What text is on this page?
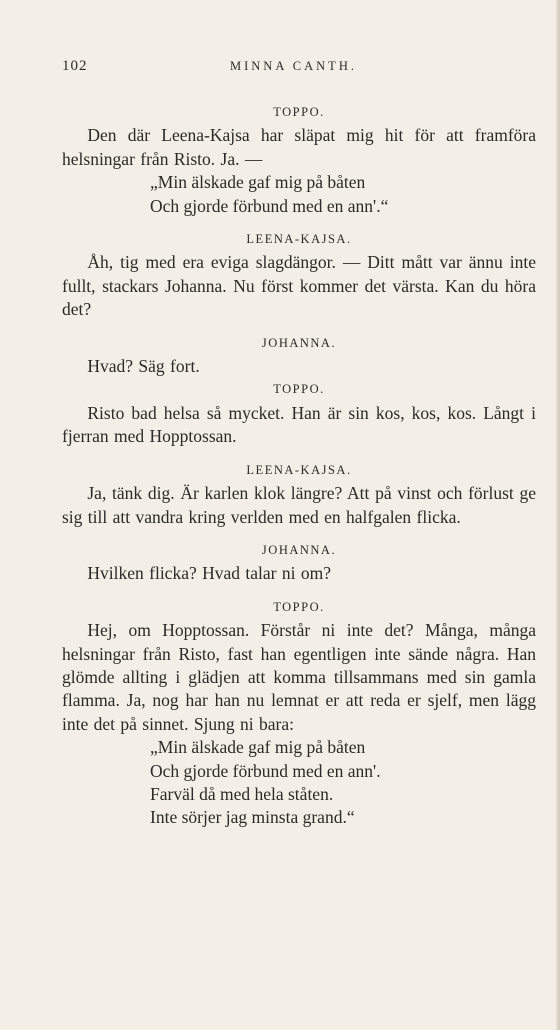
102	MINNA CANTH.
TOPPO.

Den där Leena-Kajsa har släpat mig hit för att framföra helsningar från Risto. Ja. —

„Min älskade gaf mig på båten

Och gjorde förbund med en ann'.“

LEENA-KAJSA.

Åh, tig med era eviga slagdängor. — Ditt mått var ännu inte fullt, stackars Johanna. Nu först kommer det värsta. Kan du höra det?

JOHANNA.

Hvad? Säg fort.

TOPPO.

Risto bad helsa så mycket. Han är sin kos, kos, kos. Långt i fjerran med Hopptossan.

LEENA-KAJSA.

Ja, tänk dig. Är karlen klok längre? Att på vinst och förlust ge sig till att vandra kring verlden med en halfgalen flicka.

JOHANNA.

Hvilken flicka? Hvad talar ni om?

TOPPO.

Hej, om Hopptossan. Förstår ni inte det? Många, många helsningar från Risto, fast han egentligen inte sände några. Han glömde allting i glädjen att komma tillsammans med sin gamla flamma. Ja, nog har han nu lemnat er att reda er sjelf, men lägg inte det på sinnet. Sjung ni bara:

„Min älskade gaf mig på båten

Och gjorde förbund med en ann'.

Farväl då med hela ståten.

Inte sörjer jag minsta grand.“
